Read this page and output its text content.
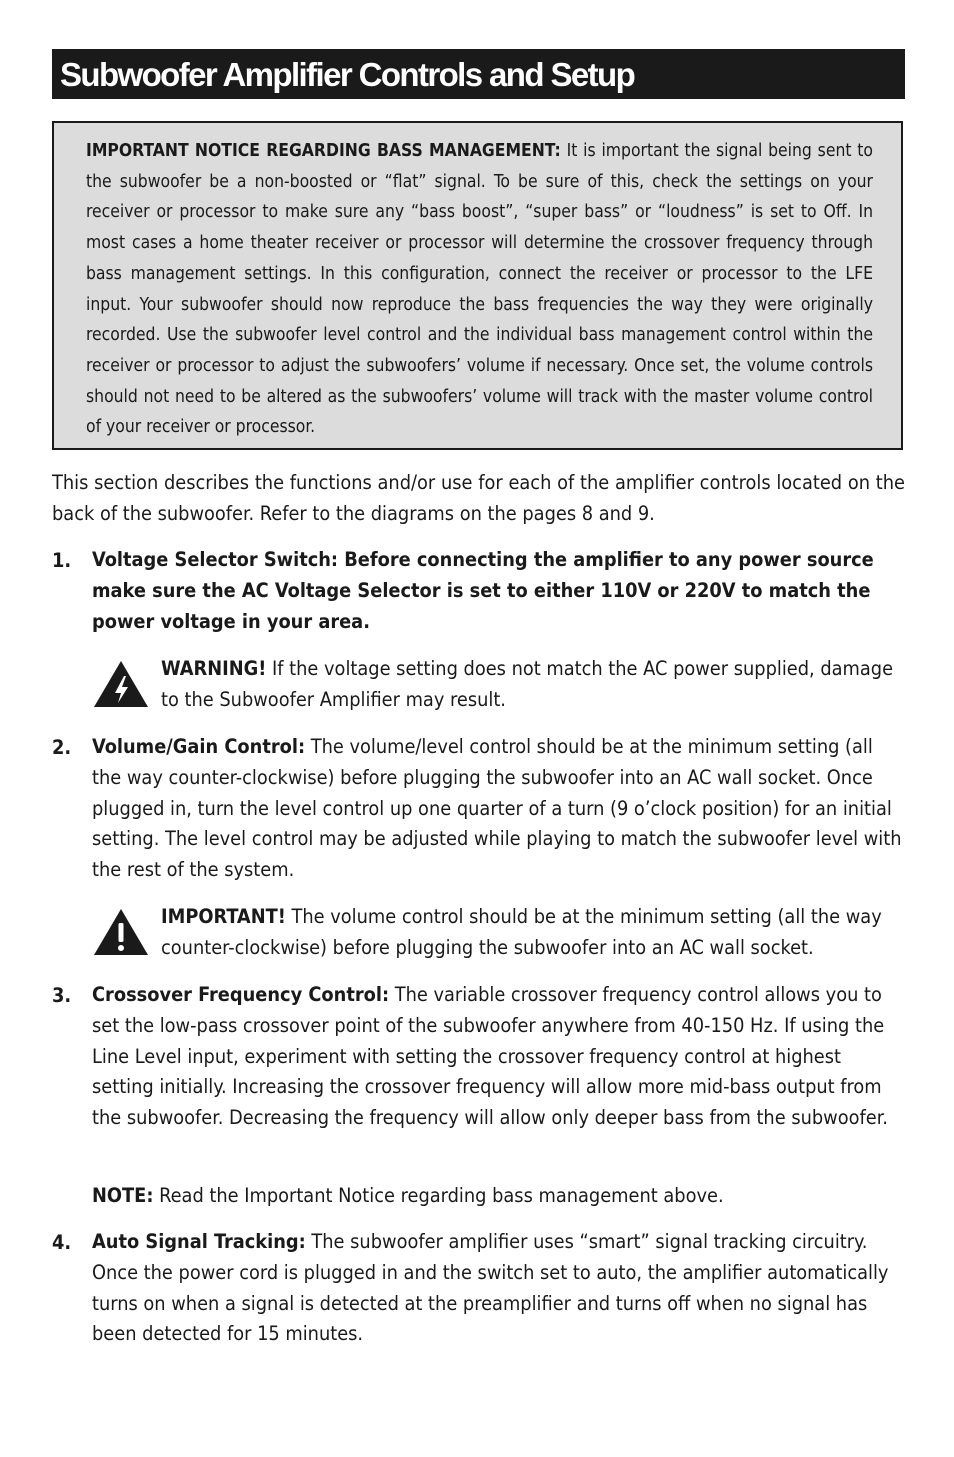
Subwoofer Amplifier Controls and Setup

IMPORTANT NOTICE REGARDING BASS MANAGEMENT: It is important the signal being sent to the subwoofer be a non-boosted or “flat” signal. To be sure of this, check the settings on your receiver or processor to make sure any “bass boost”, “super bass” or “loudness” is set to Off. In most cases a home theater receiver or processor will determine the crossover frequency through bass management settings. In this configuration, connect the receiver or processor to the LFE input. Your subwoofer should now reproduce the bass frequencies the way they were originally recorded. Use the subwoofer level control and the individual bass management control within the receiver or processor to adjust the subwoofers’ volume if necessary. Once set, the volume controls should not need to be altered as the subwoofers’ volume will track with the master volume control of your receiver or processor.

This section describes the functions and/or use for each of the amplifier controls located on the back of the subwoofer. Refer to the diagrams on the pages 8 and 9.

1. Voltage Selector Switch: Before connecting the amplifier to any power source make sure the AC Voltage Selector is set to either 110V or 220V to match the power voltage in your area.

WARNING! If the voltage setting does not match the AC power supplied, damage to the Subwoofer Amplifier may result.

2. Volume/Gain Control: The volume/level control should be at the minimum setting (all the way counter-clockwise) before plugging the subwoofer into an AC wall socket. Once plugged in, turn the level control up one quarter of a turn (9 o’clock position) for an initial setting. The level control may be adjusted while playing to match the subwoofer level with the rest of the system.

IMPORTANT! The volume control should be at the minimum setting (all the way counter-clockwise) before plugging the subwoofer into an AC wall socket.

3. Crossover Frequency Control: The variable crossover frequency control allows you to set the low-pass crossover point of the subwoofer anywhere from 40-150 Hz. If using the Line Level input, experiment with setting the crossover frequency control at highest setting initially. Increasing the crossover frequency will allow more mid-bass output from the subwoofer. Decreasing the frequency will allow only deeper bass from the subwoofer.

NOTE: Read the Important Notice regarding bass management above.

4. Auto Signal Tracking: The subwoofer amplifier uses “smart” signal tracking circuitry. Once the power cord is plugged in and the switch set to auto, the amplifier automatically turns on when a signal is detected at the preamplifier and turns off when no signal has been detected for 15 minutes.
